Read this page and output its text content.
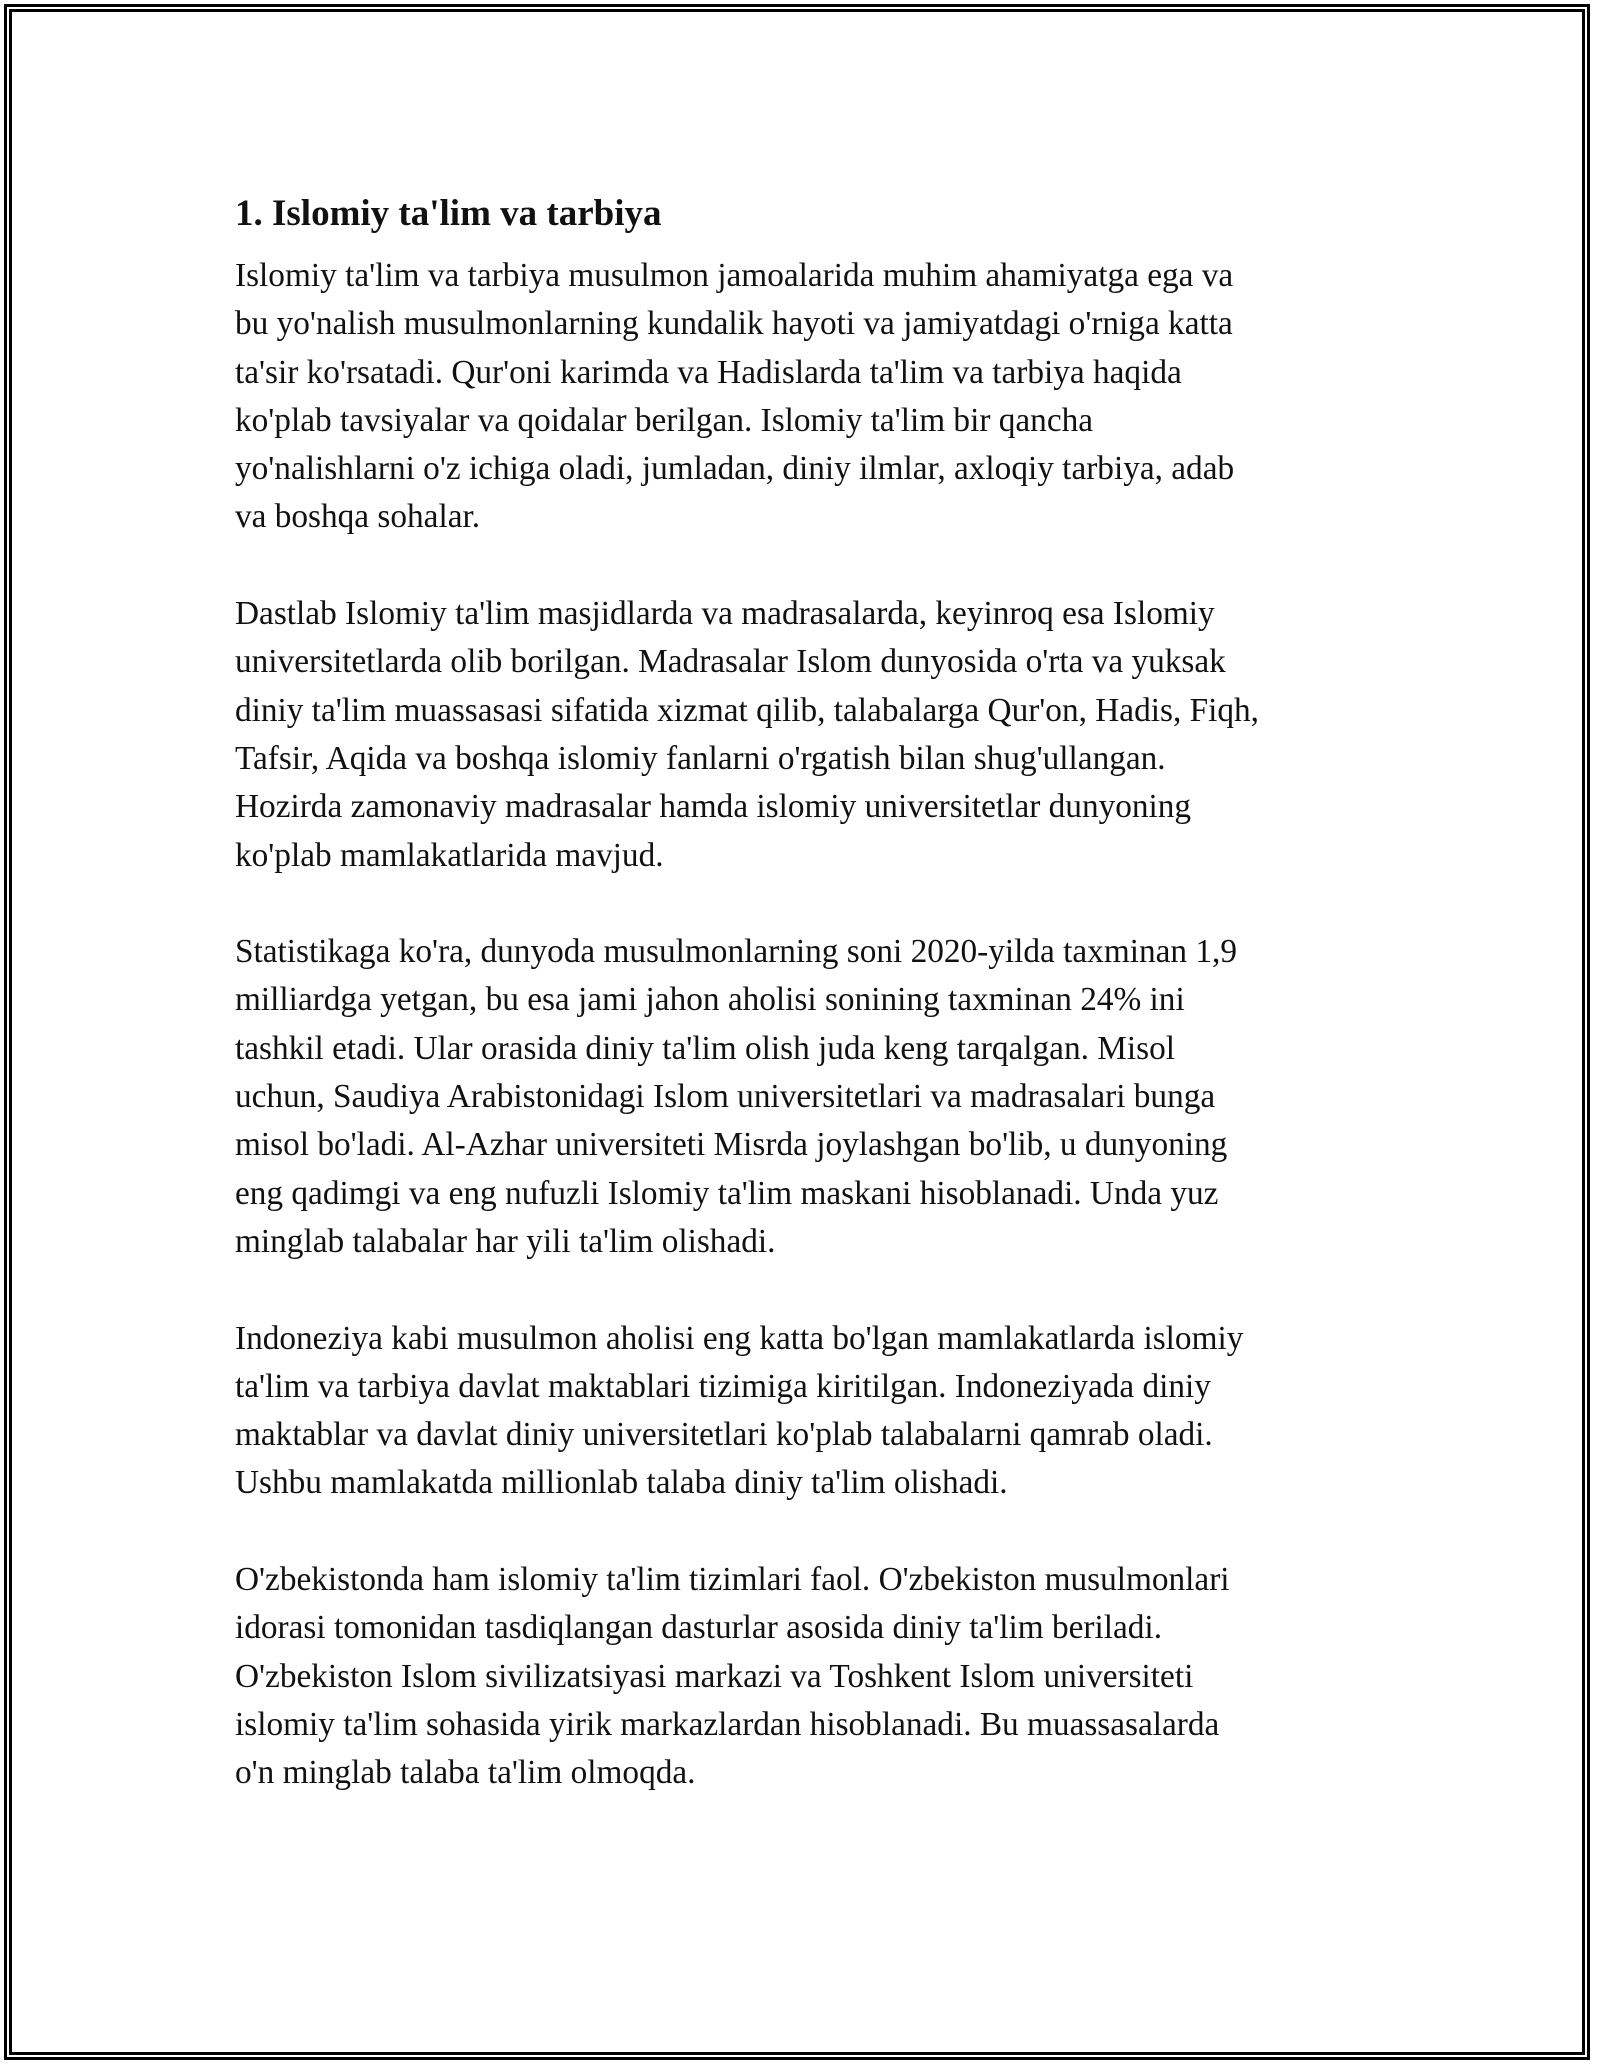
1. Islomiy ta'lim va tarbiya

Islomiy ta'lim va tarbiya musulmon jamoalarida muhim ahamiyatga ega va
bu yo'nalish musulmonlarning kundalik hayoti va jamiyatdagi o'rniga katta
ta'sir ko'rsatadi. Qur'oni karimda va Hadislarda ta'lim va tarbiya haqida
ko'plab tavsiyalar va qoidalar berilgan. Islomiy ta'lim bir qancha
yo'nalishlarni o'z ichiga oladi, jumladan, diniy ilmlar, axloqiy tarbiya, adab
va boshqa sohalar.

Dastlab Islomiy ta'lim masjidlarda va madrasalarda, keyinroq esa Islomiy
universitetlarda olib borilgan. Madrasalar Islom dunyosida o'rta va yuksak
diniy ta'lim muassasasi sifatida xizmat qilib, talabalarga Qur'on, Hadis, Fiqh,
Tafsir, Aqida va boshqa islomiy fanlarni o'rgatish bilan shug'ullangan.
Hozirda zamonaviy madrasalar hamda islomiy universitetlar dunyoning
ko'plab mamlakatlarida mavjud.

Statistikaga ko'ra, dunyoda musulmonlarning soni 2020-yilda taxminan 1,9
milliardga yetgan, bu esa jami jahon aholisi sonining taxminan 24% ini
tashkil etadi. Ular orasida diniy ta'lim olish juda keng tarqalgan. Misol
uchun, Saudiya Arabistonidagi Islom universitetlari va madrasalari bunga
misol bo'ladi. Al-Azhar universiteti Misrda joylashgan bo'lib, u dunyoning
eng qadimgi va eng nufuzli Islomiy ta'lim maskani hisoblanadi. Unda yuz
minglab talabalar har yili ta'lim olishadi.

Indoneziya kabi musulmon aholisi eng katta bo'lgan mamlakatlarda islomiy
ta'lim va tarbiya davlat maktablari tizimiga kiritilgan. Indoneziyada diniy
maktablar va davlat diniy universitetlari ko'plab talabalarni qamrab oladi.
Ushbu mamlakatda millionlab talaba diniy ta'lim olishadi.

O'zbekistonda ham islomiy ta'lim tizimlari faol. O'zbekiston musulmonlari
idorasi tomonidan tasdiqlangan dasturlar asosida diniy ta'lim beriladi.
O'zbekiston Islom sivilizatsiyasi markazi va Toshkent Islom universiteti
islomiy ta'lim sohasida yirik markazlardan hisoblanadi. Bu muassasalarda
o'n minglab talaba ta'lim olmoqda.
